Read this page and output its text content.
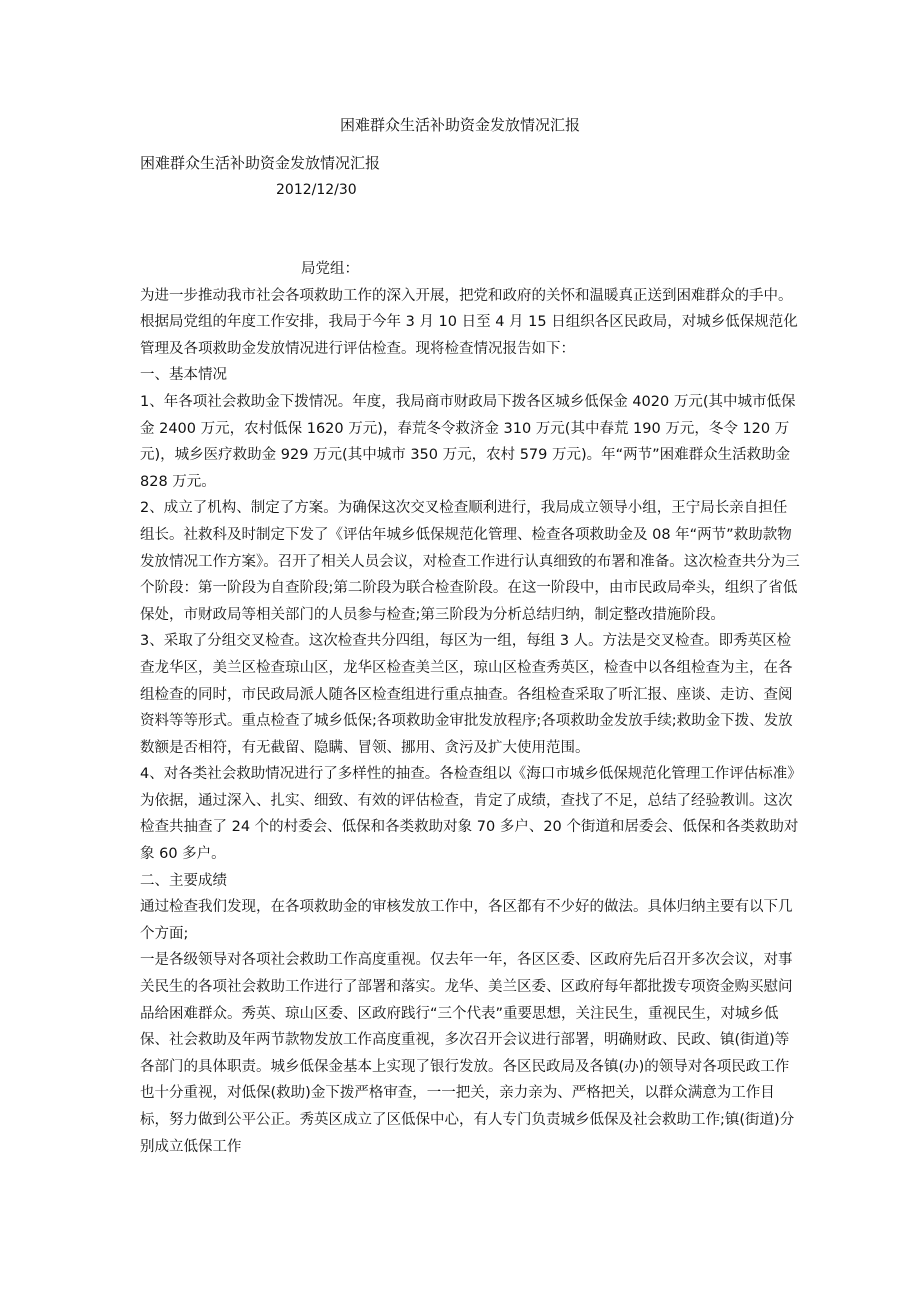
困难群众生活补助资金发放情况汇报
困难群众生活补助资金发放情况汇报
2012/12/30
局党组：

为进一步推动我市社会各项救助工作的深入开展，把党和政府的关怀和温暖真正送到困难群众的手中。根据局党组的年度工作安排，我局于今年 3 月 10 日至 4 月 15 日组织各区民政局，对城乡低保规范化管理及各项救助金发放情况进行评估检查。现将检查情况报告如下：

一、基本情况

1、年各项社会救助金下拨情况。年度，我局商市财政局下拨各区城乡低保金 4020 万元(其中城市低保金 2400 万元，农村低保 1620 万元)，春荒冬令救济金 310 万元(其中春荒 190 万元，冬令 120 万元)，城乡医疗救助金 929 万元(其中城市 350 万元，农村 579 万元)。年“两节”困难群众生活救助金 828 万元。

2、成立了机构、制定了方案。为确保这次交叉检查顺利进行，我局成立领导小组，王宁局长亲自担任组长。社救科及时制定下发了《评估年城乡低保规范化管理、检查各项救助金及 08 年“两节”救助款物发放情况工作方案》。召开了相关人员会议，对检查工作进行认真细致的布署和准备。这次检查共分为三个阶段：第一阶段为自查阶段;第二阶段为联合检查阶段。在这一阶段中，由市民政局牵头，组织了省低保处，市财政局等相关部门的人员参与检查;第三阶段为分析总结归纳，制定整改措施阶段。

3、采取了分组交叉检查。这次检查共分四组，每区为一组，每组 3 人。方法是交叉检查。即秀英区检查龙华区，美兰区检查琼山区，龙华区检查美兰区，琼山区检查秀英区，检查中以各组检查为主，在各组检查的同时，市民政局派人随各区检查组进行重点抽查。各组检查采取了听汇报、座谈、走访、查阅资料等等形式。重点检查了城乡低保;各项救助金审批发放程序;各项救助金发放手续;救助金下拨、发放数额是否相符，有无截留、隐瞒、冒领、挪用、贪污及扩大使用范围。

4、对各类社会救助情况进行了多样性的抽查。各检查组以《海口市城乡低保规范化管理工作评估标准》为依据，通过深入、扎实、细致、有效的评估检查，肯定了成绩，查找了不足，总结了经验教训。这次检查共抽查了 24 个的村委会、低保和各类救助对象 70 多户、20 个街道和居委会、低保和各类救助对象 60 多户。

二、主要成绩

通过检查我们发现，在各项救助金的审核发放工作中，各区都有不少好的做法。具体归纳主要有以下几个方面;

一是各级领导对各项社会救助工作高度重视。仅去年一年，各区区委、区政府先后召开多次会议，对事关民生的各项社会救助工作进行了部署和落实。龙华、美兰区委、区政府每年都批拨专项资金购买慰问品给困难群众。秀英、琼山区委、区政府践行“三个代表”重要思想，关注民生，重视民生，对城乡低保、社会救助及年两节款物发放工作高度重视，多次召开会议进行部署，明确财政、民政、镇(街道)等各部门的具体职责。城乡低保金基本上实现了银行发放。各区民政局及各镇(办)的领导对各项民政工作也十分重视，对低保(救助)金下拨严格审查，一一把关，亲力亲为、严格把关，以群众满意为工作目标，努力做到公平公正。秀英区成立了区低保中心，有人专门负责城乡低保及社会救助工作;镇(街道)分别成立低保工作
